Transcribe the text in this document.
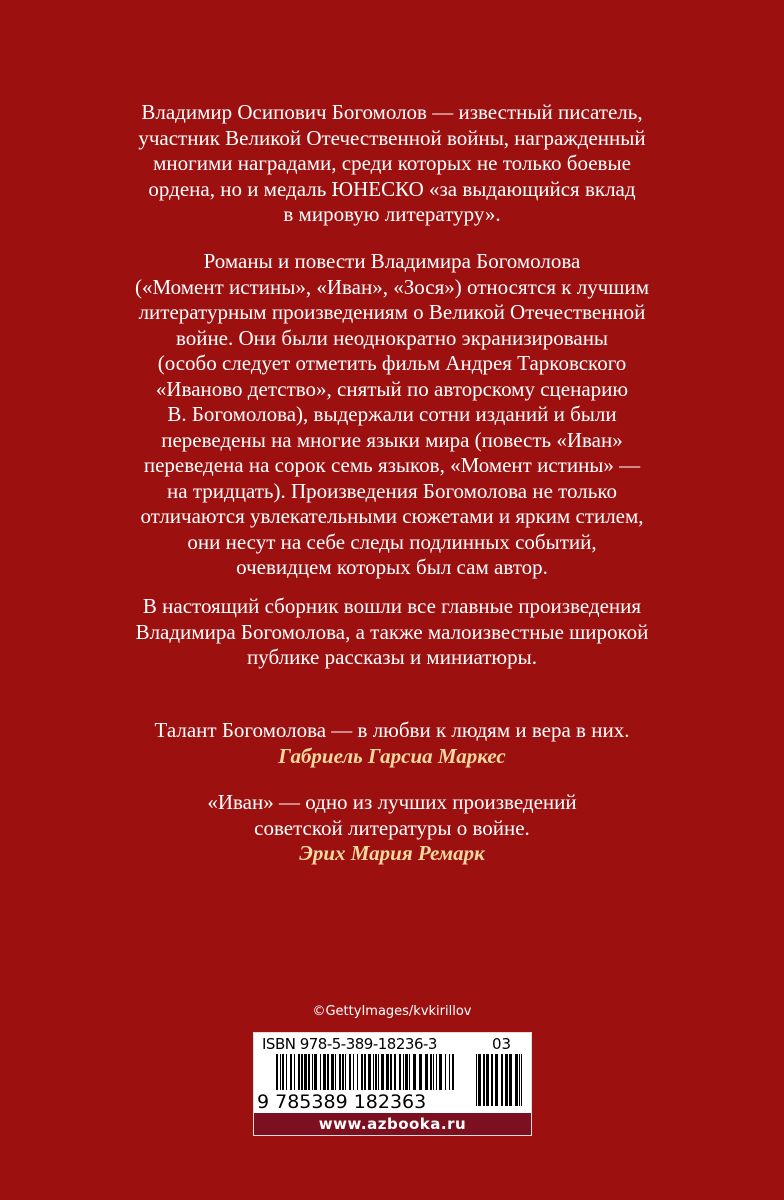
Владимир Осипович Богомолов — известный писатель,
участник Великой Отечественной войны, награжденный
многими наградами, среди которых не только боевые
ордена, но и медаль ЮНЕСКО «за выдающийся вклад
в мировую литературу».
Романы и повести Владимира Богомолова
(«Момент истины», «Иван», «Зося») относятся к лучшим
литературным произведениям о Великой Отечественной
войне. Они были неоднократно экранизированы
(особо следует отметить фильм Андрея Тарковского
«Иваново детство», снятый по авторскому сценарию
В. Богомолова), выдержали сотни изданий и были
переведены на многие языки мира (повесть «Иван»
переведена на сорок семь языков, «Момент истины» —
на тридцать). Произведения Богомолова не только
отличаются увлекательными сюжетами и ярким стилем,
они несут на себе следы подлинных событий,
очевидцем которых был сам автор.
В настоящий сборник вошли все главные произведения
Владимира Богомолова, а также малоизвестные широкой
публике рассказы и миниатюры.
Талант Богомолова — в любви к людям и вера в них.
Габриель Гарсиа Маркес
«Иван» — одно из лучших произведений
советской литературы о войне.
Эрих Мария Ремарк
©GettyImages/kvkirillov
ISBN 978-5-389-18236-3	03
9 785389 182363
www.azbooka.ru
